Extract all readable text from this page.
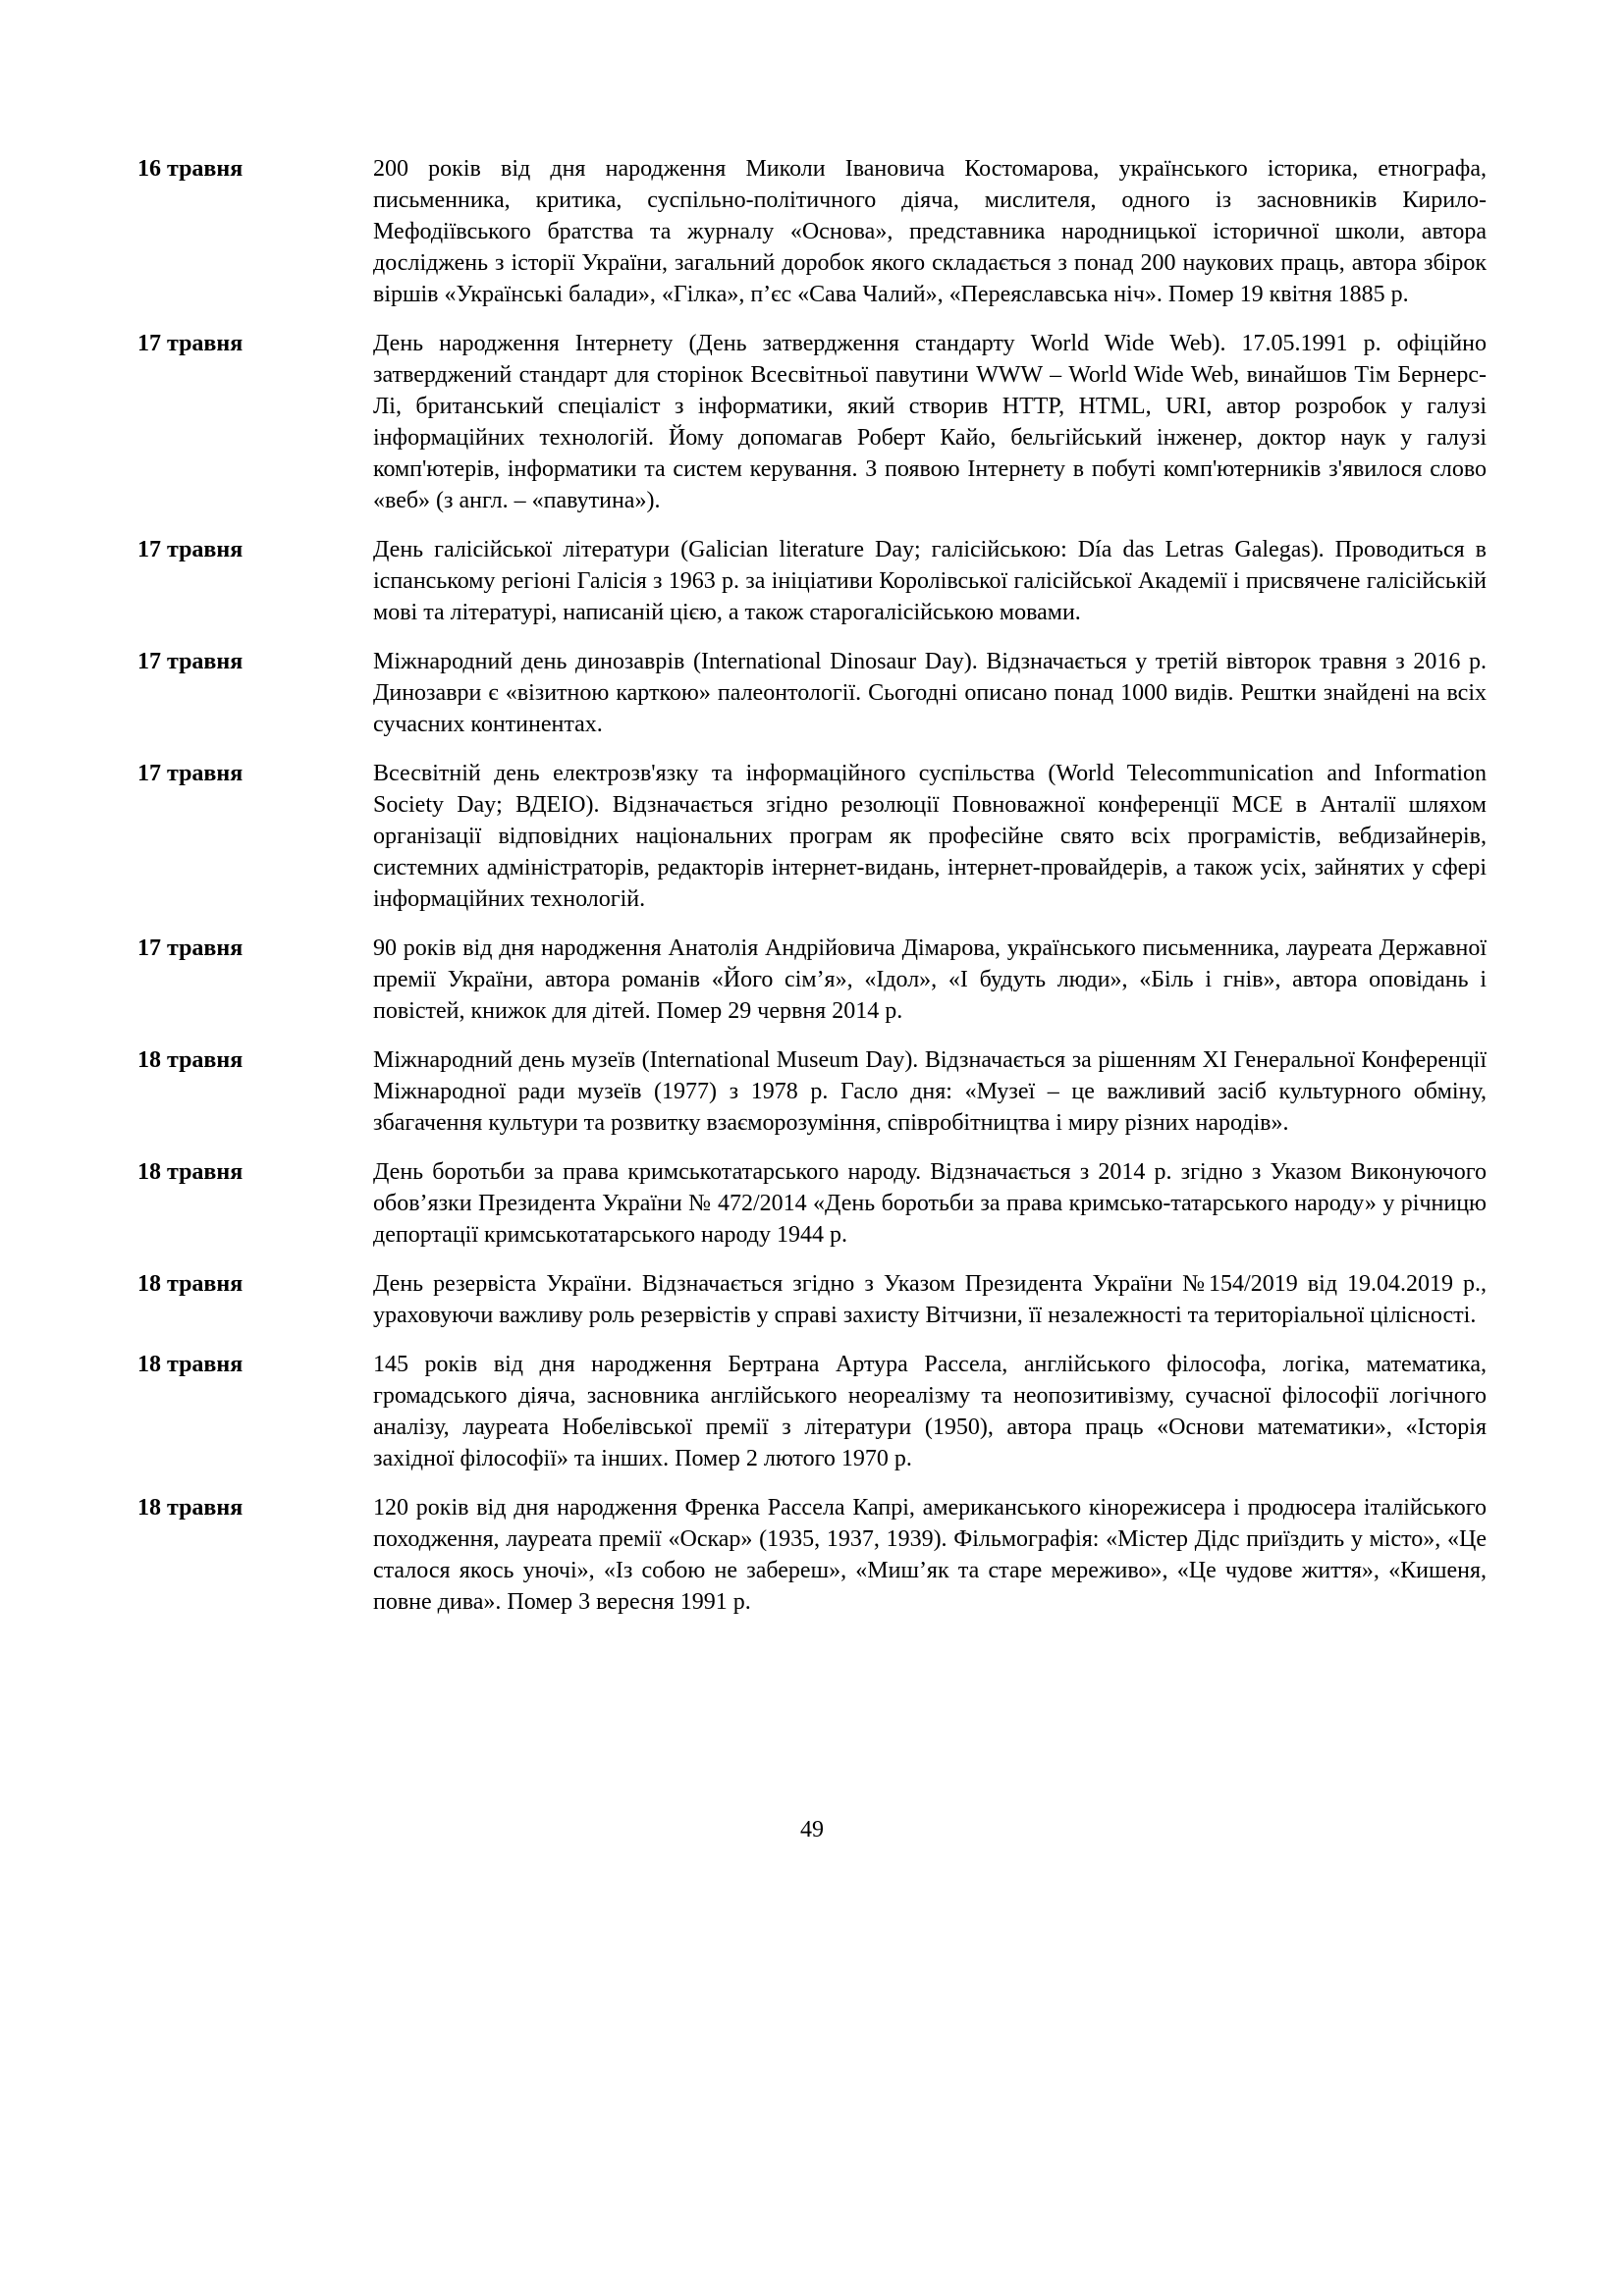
16 травня	200 років від дня народження Миколи Івановича Костомарова, українського історика, етнографа, письменника, критика, суспільно-політичного діяча, мислителя, одного із засновників Кирило-Мефодіївського братства та журналу «Основа», представника народницької історичної школи, автора досліджень з історії України, загальний доробок якого складається з понад 200 наукових праць, автора збірок віршів «Українські балади», «Гілка», п’єс «Сава Чалий», «Переяславська ніч». Помер 19 квітня 1885 р.
17 травня	День народження Інтернету (День затвердження стандарту World Wide Web). 17.05.1991 р. офіційно затверджений стандарт для сторінок Всесвітньої павутини WWW – World Wide Web, винайшов Тім Бернерс-Лі, британський спеціаліст з інформатики, який створив HTTP, HTML, URI, автор розробок у галузі інформаційних технологій. Йому допомагав Роберт Кайо, бельгійський інженер, доктор наук у галузі комп'ютерів, інформатики та систем керування. З появою Інтернету в побуті комп'ютерників з'явилося слово «веб» (з англ. – «павутина»).
17 травня	День галісійської літератури (Galician literature Day; галісійською: Día das Letras Galegas). Проводиться в іспанському регіоні Галісія з 1963 р. за ініціативи Королівської галісійської Академії і присвячене галісійській мові та літературі, написаній цією, а також старогалісійською мовами.
17 травня	Міжнародний день динозаврів (International Dinosaur Day). Відзначається у третій вівторок травня з 2016 р. Динозаври є «візитною карткою» палеонтології. Сьогодні описано понад 1000 видів. Рештки знайдені на всіх сучасних континентах.
17 травня	Всесвітній день електрозв'язку та інформаційного суспільства (World Telecommunication and Information Society Day; ВДЕІО). Відзначається згідно резолюції Повноважної конференції МСЕ в Анталії шляхом організації відповідних національних програм як професійне свято всіх програмістів, вебдизайнерів, системних адміністраторів, редакторів інтернет-видань, інтернет-провайдерів, а також усіх, зайнятих у сфері інформаційних технологій.
17 травня	90 років від дня народження Анатолія Андрійовича Дімарова, українського письменника, лауреата Державної премії України, автора романів «Його сім’я», «Ідол», «І будуть люди», «Біль і гнів», автора оповідань і повістей, книжок для дітей. Помер 29 червня 2014 р.
18 травня	Міжнародний день музеїв (International Museum Day). Відзначається за рішенням XI Генеральної Конференції Міжнародної ради музеїв (1977) з 1978 р. Гасло дня: «Музеї – це важливий засіб культурного обміну, збагачення культури та розвитку взаєморозуміння, співробітництва і миру різних народів».
18 травня	День боротьби за права кримськотатарського народу. Відзначається з 2014 р. згідно з Указом Виконуючого обов’язки Президента України № 472/2014 «День боротьби за права кримсько-татарського народу» у річницю депортації кримськотатарського народу 1944 р.
18 травня	День резервіста України. Відзначається згідно з Указом Президента України №154/2019 від 19.04.2019 р., ураховуючи важливу роль резервістів у справі захисту Вітчизни, її незалежності та територіальної цілісності.
18 травня	145 років від дня народження Бертрана Артура Рассела, англійського філософа, логіка, математика, громадського діяча, засновника англійського неореалізму та неопозитивізму, сучасної філософії логічного аналізу, лауреата Нобелівської премії з літератури (1950), автора праць «Основи математики», «Історія західної філософії» та інших. Помер 2 лютого 1970 р.
18 травня	120 років від дня народження Френка Рассела Капрі, американського кінорежисера і продюсера італійського походження, лауреата премії «Оскар» (1935, 1937, 1939). Фільмографія: «Містер Дідс приїздить у місто», «Це сталося якось уночі», «Із собою не забереш», «Миш’як та старе мереживо», «Це чудове життя», «Кишеня, повне дива». Помер 3 вересня 1991 р.
49
